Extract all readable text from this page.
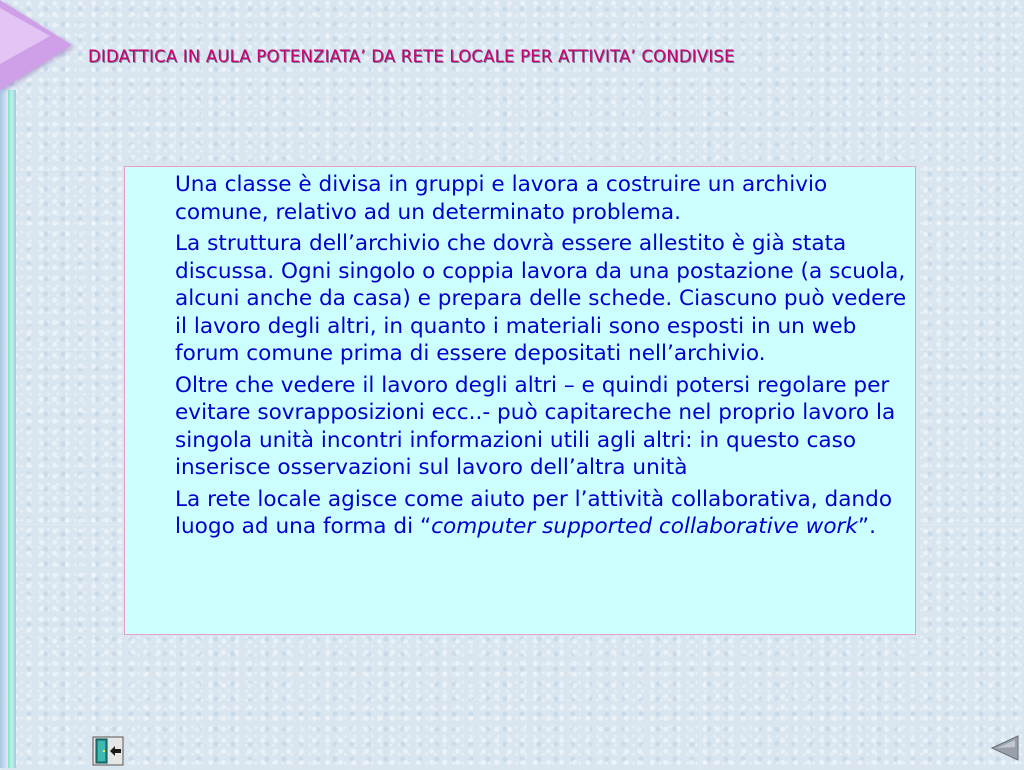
DIDATTICA IN AULA POTENZIATA’ DA RETE LOCALE PER ATTIVITA’ CONDIVISE

Una classe è divisa in gruppi e lavora a costruire un archivio comune, relativo ad un determinato problema.

La struttura dell’archivio che dovrà essere allestito è già stata discussa. Ogni singolo o coppia lavora da una postazione (a scuola, alcuni anche da casa) e prepara delle schede. Ciascuno può vedere il lavoro degli altri, in quanto i materiali sono esposti in un web forum comune prima di essere depositati nell’archivio.

Oltre che vedere il lavoro degli altri – e quindi potersi regolare per evitare sovrapposizioni ecc..- può capitareche nel proprio lavoro la singola unità incontri informazioni utili agli altri: in questo caso inserisce osservazioni sul lavoro dell’altra unità

La rete locale agisce come aiuto per l’attività collaborativa, dando luogo ad una forma di “computer supported collaborative work”.
